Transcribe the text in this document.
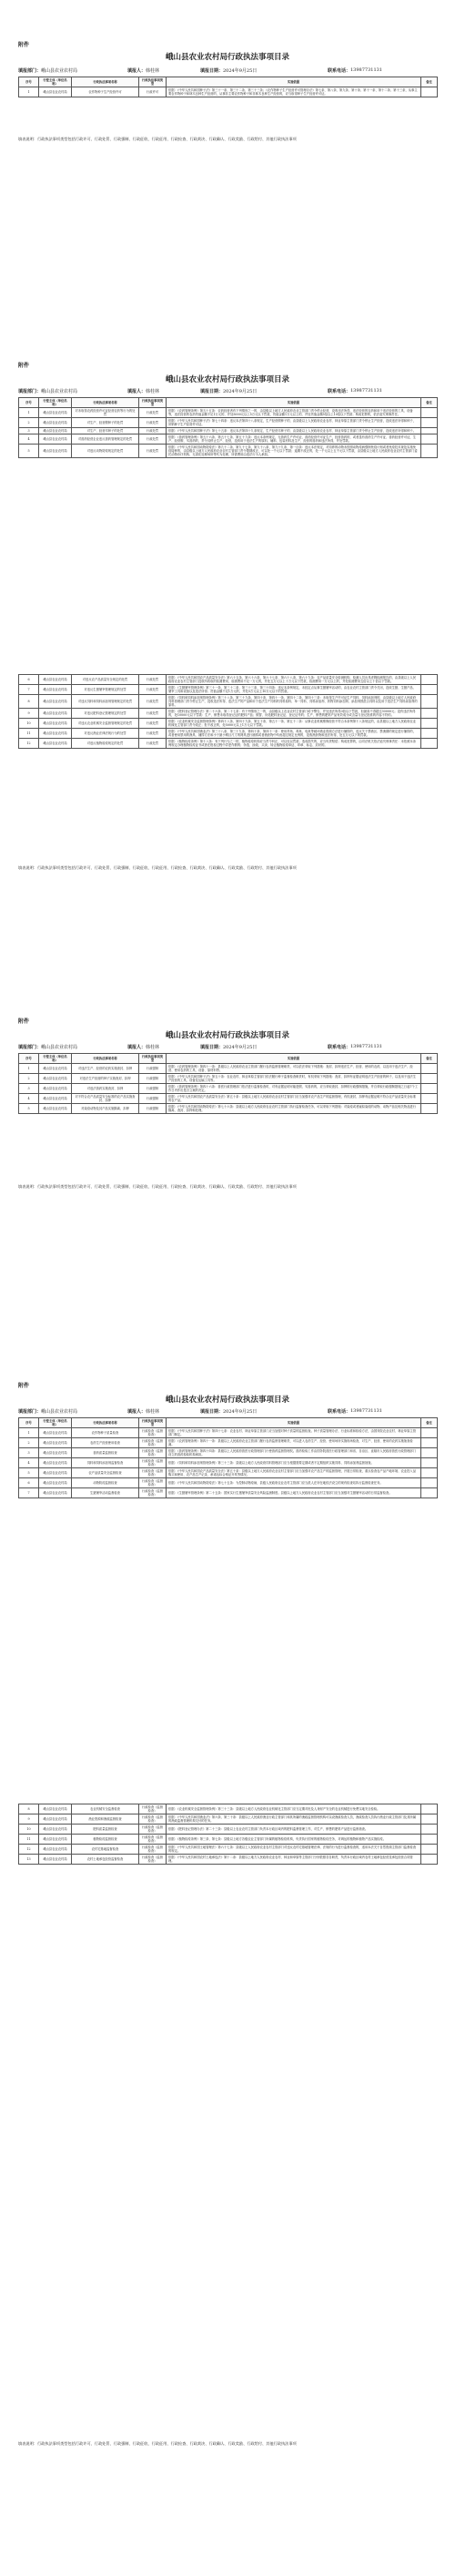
附件
峨山县农业农村局行政执法事项目录
填报部门： 峨山县农业农村局	填报人： 韩桂林	填报日期： 2024年9月25日	联系电话： 13987731131
序号	行使主体（单位名称）	行政执法事项名称	行政执法事项类型	实施依据	备注
1	峨山县农业农村局	农作物种子生产经营许可	行政许可	依据：《中华人民共和国种子法》第三十一条、第三十二条、第三十三条；《农作物种子生产经营许可管理办法》第七条、第八条、第九条、第十条、第十一条、第十二条、第十三条，从事主要农作物种子和林木良种生产经营的，从事非主要农作物种子和非林木良种生产经营的，应当取得种子生产经营许可证。	
填表说明：行政执法事项类型包括行政许可、行政处罚、行政强制、行政征收、行政征用、行政检查、行政裁决、行政确认、行政奖励、行政给付、其他行政执法事项
附件
峨山县农业农村局行政执法事项目录
填报部门： 峨山县农业农村局	填报人： 韩桂林	填报日期： 2024年9月25日	联系电话： 13987731131
序号	行使主体（单位名称）	行政执法事项名称	行政执法事项类型	实施依据	备注
1	峨山县农业农村局	对未取得农药经营许可证经营农药等行为的处罚	行政处罚	依据：《农药管理条例》第五十五条：农药经营者有下列情形之一的，由县级以上地方人民政府农业主管部门责令停止经营，没收违法所得、违法经营的农药和用于违法经营的工具、设备等，违法经营的农药货值金额不足1万元的，并处5000元以上5万元以下罚款，货值金额1万元以上的，并处货值金额5倍以上10倍以下罚款；构成犯罪的，依法追究刑事责任。	
2	峨山县农业农村局	对生产、经营假种子的处罚	行政处罚	依据：《中华人民共和国种子法》第七十四条：违反本法第四十八条规定，生产经营假种子的，由县级以上人民政府农业农村、林业草原主管部门责令停止生产经营，没收违法所得和种子，吊销种子生产经营许可证。	
3	峨山县农业农村局	对生产、经营劣种子的处罚	行政处罚	依据：《中华人民共和国种子法》第七十五条：违反本法第四十九条规定，生产经营劣种子的，由县级以上人民政府农业农村、林业草原主管部门责令停止生产经营，没收违法所得和种子。	
4	峨山县农业农村局	对兽药经营企业违反兽药管理规定的处罚	行政处罚	依据：《兽药管理条例》第五十六条、第五十七条、第五十九条：违反本条例规定，无兽药生产许可证、兽药经营许可证生产、经营兽药的，或者虽有兽药生产许可证、兽药经营许可证，生产、经营假、劣兽药的，责令其停止生产、经营，没收用于违法生产的原料、辅料、包装材料及生产、经营的兽药和违法所得，并处罚款。	
5	峨山县农业农村局	对违反动物防疫规定的处罚	行政处罚	依据：《中华人民共和国动物防疫法》第九十二条、第九十七条、第九十八条、第九十九条、第一百条：违反本法规定，对饲养的动物未按照动物疫病强制免疫计划或者免疫技术规范实施免疫接种的，由县级以上地方人民政府农业农村主管部门责令限期改正，可以处一千元以下罚款；逾期不改正的，处一千元以上五千元以下罚款，由县级以上地方人民政府农业农村主管部门委托动物诊疗机构、无害化处理场所等代为处理，所需费用由违法行为人承担。	
6	峨山县农业农村局	对违反农产品质量安全规定的处罚	行政处罚	依据：《中华人民共和国农产品质量安全法》第六十五条、第六十六条、第六十七条、第六十八条、第六十九条：农产品质量安全检测机构、检测人员出具虚假检测报告的，由县级以上人民政府农业农村主管部门没收所收取的检测费用，检测费用不足一万元的，并处五万元以上十万元以下罚款，检测费用一万元以上的，并处检测费用五倍以上十倍以下罚款。	
7	峨山县农业农村局	对违反生猪屠宰管理规定的处罚	行政处罚	依据：《生猪屠宰管理条例》第三十一条、第三十二条、第三十三条、第三十四条：违反本条例规定，未经定点从事生猪屠宰活动的，由农业农村主管部门责令关闭，没收生猪、生猪产品、屠宰工具和设备以及违法所得；货值金额不足1万元的，并处5万元以上10万元以下的罚款。	
8	峨山县农业农村局	对违反饲料和饲料添加剂管理规定的处罚	行政处罚	依据：《饲料和饲料添加剂管理条例》第三十八条、第三十九条、第四十条、第四十一条、第四十二条、第四十三条：未取得生产许可证生产饲料、饲料添加剂的，由县级以上地方人民政府饲料管理部门责令停止生产，没收违法所得、违法生产的产品和用于违法生产饲料的饲料原料、单一饲料、饲料添加剂、药物饲料添加剂、添加剂预混合饲料以及用于违法生产饲料添加剂的原料。	
9	峨山县农业农村局	对违反肥料登记管理规定的处罚	行政处罚	依据：《肥料登记管理办法》第二十六条、第二十七条：有下列情形之一的，由县级以上农业农村主管部门给予警告，并处违法所得3倍以下罚款，但最高不得超过30000元；没有违法所得的，处10000元以下罚款：生产、销售未取得登记证的肥料产品；假冒、伪造肥料登记证、登记证号的；生产、销售的肥料产品有效成分或含量与登记批准的内容不符的。	
10	峨山县农业农村局	对违反农业机械安全监督管理规定的处罚	行政处罚	依据：《农业机械安全监督管理条例》第四十八条、第四十九条、第五十条、第五十一条、第五十二条：从事农业机械维修经营不符合本条例第十八条规定的，由县级以上地方人民政府农业机械化主管部门责令改正；拒不改正的，处5000元以上1万元以下罚款。	
11	峨山县农业农村局	对违反渔业法律法规行为的处罚	行政处罚	依据：《中华人民共和国渔业法》第三十八条、第三十九条、第四十条、第四十一条：使用炸鱼、毒鱼、电鱼等破坏渔业资源方法进行捕捞的，违反关于禁渔区、禁渔期的规定进行捕捞的，或者使用禁用的渔具、捕捞方法和小于最小网目尺寸的网具进行捕捞或者渔获物中幼鱼超过规定比例的，没收渔获物和违法所得，处五万元以下的罚款。	
12	峨山县农业农村局	对违反植物检疫规定的处罚	行政处罚	依据：《植物检疫条例》第十八条：有下列行为之一的，植物检疫机构应当责令纠正，可以处以罚款；造成损失的，应当负责赔偿；构成犯罪的，由司法机关依法追究刑事责任：未依照本条例规定办理植物检疫证书或者在报检过程中弄虚作假的；伪造、涂改、买卖、转让植物检疫单证、印章、标志、封识的。	
填表说明：行政执法事项类型包括行政许可、行政处罚、行政强制、行政征收、行政征用、行政检查、行政裁决、行政确认、行政奖励、行政给付、其他行政执法事项
附件
峨山县农业农村局行政执法事项目录
填报部门： 峨山县农业农村局	填报人： 韩桂林	填报日期： 2024年9月25日	联系电话： 13987731131
序号	行使主体（单位名称）	行政执法事项名称	行政执法事项类型	实施依据	备注
1	峨山县农业农村局	对违法生产、经营的农药实施查封、扣押	行政强制	依据：《农药管理条例》第四十一条：县级以上人民政府农业主管部门履行农药监督管理职责，可以依法采取下列措施：查封、扣押违法生产、经营、使用的农药，以及用于违法生产、经营、使用农药的工具、设备、原材料等。	
2	峨山县农业农村局	对违法生产经营的种子实施查封、扣押	行政强制	依据：《中华人民共和国种子法》第五十条：农业农村、林业草原主管部门依法履行种子监督检查职责时，有权采取下列措施：查封、扣押有证据证明违法生产经营的种子，以及用于违法生产经营的工具、设备及运输工具等。	
3	峨山县农业农村局	对违法兽药实施查封、扣押	行政强制	依据：《兽药管理条例》第四十六条：兽医行政管理部门依法进行监督检查时，对有证据证明可能是假、劣兽药的，应当采取查封、扣押的行政强制措施，并自采取行政强制措施之日起7个工作日内作出是否立案的决定。	
4	峨山县农业农村局	对不符合农产品质量安全标准的农产品实施查封、扣押	行政强制	依据：《中华人民共和国农产品质量安全法》第五十条：县级以上地方人民政府农业农村主管部门应当加强对农产品生产的监督管理，有权查封、扣押有证据证明不符合农产品质量安全标准的农产品。	
5	峨山县农业农村局	对染疫动物及其产品实施隔离、扣押	行政强制	依据：《中华人民共和国动物防疫法》第七十六条：县级以上地方人民政府农业农村主管部门执行监督检查任务，可以采取下列措施：对染疫或者疑似染疫的动物、动物产品及相关物品进行隔离、查封、扣押和处理。	
填表说明：行政执法事项类型包括行政许可、行政处罚、行政强制、行政征收、行政征用、行政检查、行政裁决、行政确认、行政奖励、行政给付、其他行政执法事项
附件
峨山县农业农村局行政执法事项目录
填报部门： 峨山县农业农村局	填报人： 韩桂林	填报日期： 2024年9月25日	联系电话： 13987731131
序号	行使主体（单位名称）	行政执法事项名称	行政执法事项类型	实施依据	备注
1	峨山县农业农村局	农作物种子质量检查	行政检查（监督检查）	依据：《中华人民共和国种子法》第四十七条：农业农村、林业草原主管部门应当加强对种子质量的监督检查。种子质量管理办法、行业标准和检验方法，由国务院农业农村、林业草原主管部门制定。	
2	峨山县农业农村局	农药生产经营使用检查	行政检查（监督检查）	依据：《农药管理条例》第四十一条：县级以上人民政府农业主管部门履行农药监督管理职责，可以进入农药生产、经营、使用场所实施现场检查，对生产、经营、使用的农药实施抽查检测。	
3	峨山县农业农村局	兽药质量监督检查	行政检查（监督检查）	依据：《兽药管理条例》第四十四条：县级以上人民政府兽医行政管理部门行使兽药监督管理权。兽药检验工作由国务院兽医行政管理部门和省、自治区、直辖市人民政府兽医行政管理部门设立的兽药检验机构承担。	
4	峨山县农业农村局	饲料和饲料添加剂监督检查	行政检查（监督检查）	依据：《饲料和饲料添加剂管理条例》第三十三条：县级以上地方人民政府饲料管理部门应当根据需要定期或者不定期组织实施饲料、饲料添加剂监督抽查。	
5	峨山县农业农村局	农产品质量安全监督检查	行政检查（监督检查）	依据：《中华人民共和国农产品质量安全法》第五十条：县级以上地方人民政府农业农村主管部门应当加强对农产品生产的监督管理，开展日常检查，重点检查农产品产地环境、农业投入品购买和使用、农产品生产记录、承诺达标合格证开具等情况。	
6	峨山县农业农村局	动物防疫监督检查	行政检查（监督检查）	依据：《中华人民共和国动物防疫法》第七十五条：为控制动物疫病，县级人民政府农业农村主管部门应当派人在所在地依法设立的现有检查站执行监督检查任务。	
7	峨山县农业农村局	生猪屠宰活动监督检查	行政检查（监督检查）	依据：《生猪屠宰管理条例》第二十五条：国家实行生猪屠宰质量安全风险监测制度。县级以上地方人民政府农业农村主管部门应当加强对生猪屠宰活动的日常监督检查。	
8	峨山县农业农村局	农业机械安全监督检查	行政检查（监督检查）	依据：《农业机械安全监督管理条例》第三十三条：县级以上地方人民政府农业机械化主管部门应当定期对危及人身财产安全的农业机械进行免费实地安全检验。	
9	峨山县农业农村局	渔业资源和渔政监督检查	行政检查（监督检查）	依据：《中华人民共和国渔业法》第六条、第三十条：县级以上人民政府渔业行政主管部门和其所属的渔政监督管理机构可以设渔政检查人员，渔政检查人员执行渔业行政主管部门及其所属的渔政监督管理机构交付的任务。	
10	峨山县农业农村局	肥料质量监督检查	行政检查（监督检查）	依据：《肥料登记管理办法》第二十三条：县级以上农业农村主管部门负责本行政区域内的肥料监督管理工作，对生产、销售的肥料产品进行监督抽查。	
11	峨山县农业农村局	植物检疫监督检查	行政检查（监督检查）	依据：《植物检疫条例》第三条、第七条：县级以上地方各级农业主管部门所属的植物检疫机构，负责执行国家的植物检疫任务，对调运的植物和植物产品实施检疫。	
12	峨山县农业农村局	农村宅基地监督检查	行政检查（监督检查）	依据：《中华人民共和国土地管理法》第六十七条：县级以上人民政府农业农村主管部门对违反农村宅基地管理法律、法规的行为进行监督检查的，适用本法关于自然资源主管部门监督检查的规定。	
13	峨山县农业农村局	农村土地承包经营监督检查	行政检查（监督检查）	依据：《中华人民共和国农村土地承包法》第十二条：县级以上地方人民政府农业农村、林业和草原等主管部门分别依照各自职责，负责本行政区域内农村土地承包经营及承包经营合同管理。	
填表说明：行政执法事项类型包括行政许可、行政处罚、行政强制、行政征收、行政征用、行政检查、行政裁决、行政确认、行政奖励、行政给付、其他行政执法事项
